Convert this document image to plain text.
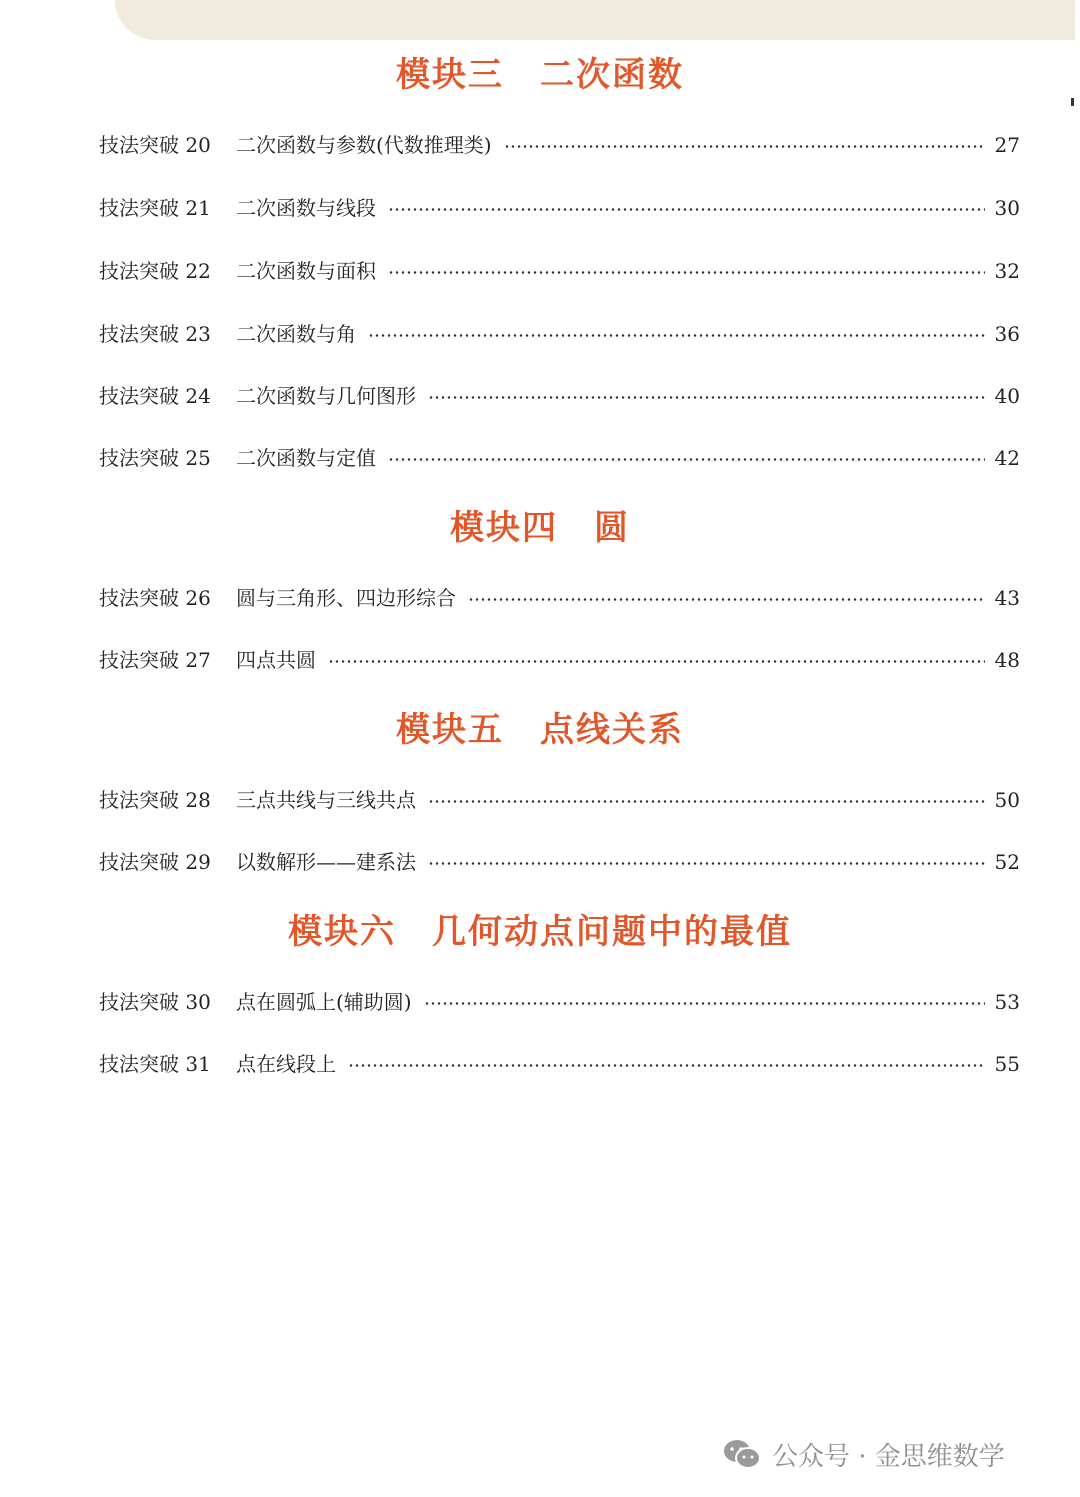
模块三　二次函数
技法突破 20	二次函数与参数(代数推理类)	27
技法突破 21	二次函数与线段	30
技法突破 22	二次函数与面积	32
技法突破 23	二次函数与角	36
技法突破 24	二次函数与几何图形	40
技法突破 25	二次函数与定值	42
模块四　圆
技法突破 26	圆与三角形、四边形综合	43
技法突破 27	四点共圆	48
模块五　点线关系
技法突破 28	三点共线与三线共点	50
技法突破 29	以数解形——建系法	52
模块六　几何动点问题中的最值
技法突破 30	点在圆弧上(辅助圆)	53
技法突破 31	点在线段上	55
公众号 · 金思维数学
